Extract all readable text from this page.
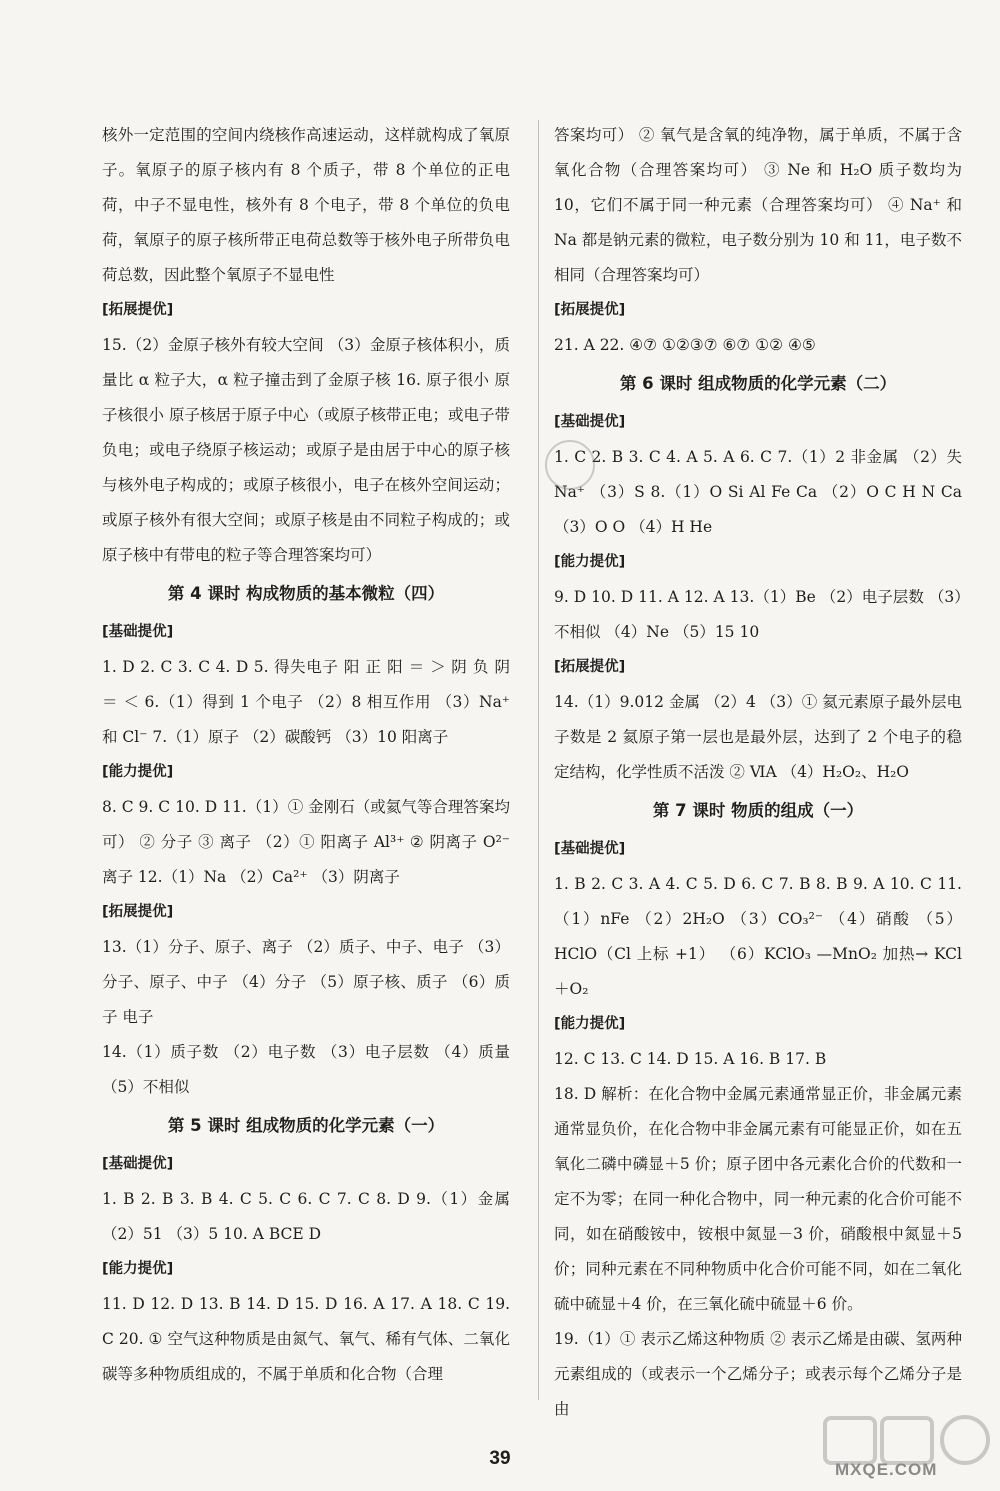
核外一定范围的空间内绕核作高速运动，这样就构成了氧原子。氧原子的原子核内有 8 个质子，带 8 个单位的正电荷，中子不显电性，核外有 8 个电子，带 8 个单位的负电荷，氧原子的原子核所带正电荷总数等于核外电子所带负电荷总数，因此整个氧原子不显电性
[拓展提优]
15.（2）金原子核外有较大空间 （3）金原子核体积小，质量比 α 粒子大，α 粒子撞击到了金原子核 16. 原子很小 原子核很小 原子核居于原子中心（或原子核带正电；或电子带负电；或电子绕原子核运动；或原子是由居于中心的原子核与核外电子构成的；或原子核很小，电子在核外空间运动；或原子核外有很大空间；或原子核是由不同粒子构成的；或原子核中有带电的粒子等合理答案均可）
第 4 课时 构成物质的基本微粒（四）
[基础提优]
1. D 2. C 3. C 4. D 5. 得失电子 阳 正 阳 ＝ ＞ 阴 负 阴 ＝ ＜ 6.（1）得到 1 个电子 （2）8 相互作用 （3）Na⁺ 和 Cl⁻ 7.（1）原子 （2）碳酸钙 （3）10 阳离子
[能力提优]
8. C 9. C 10. D 11.（1）① 金刚石（或氦气等合理答案均可） ② 分子 ③ 离子 （2）① 阳离子 Al³⁺ ② 阴离子 O²⁻ 离子 12.（1）Na （2）Ca²⁺ （3）阴离子
[拓展提优]
13.（1）分子、原子、离子 （2）质子、中子、电子 （3）分子、原子、中子 （4）分子 （5）原子核、质子 （6）质子 电子
14.（1）质子数 （2）电子数 （3）电子层数 （4）质量 （5）不相似
第 5 课时 组成物质的化学元素（一）
[基础提优]
1. B 2. B 3. B 4. C 5. C 6. C 7. C 8. D 9.（1）金属 （2）51 （3）5 10. A BCE D
[能力提优]
11. D 12. D 13. B 14. D 15. D 16. A 17. A 18. C 19. C 20. ① 空气这种物质是由氮气、氧气、稀有气体、二氧化碳等多种物质组成的，不属于单质和化合物（合理
答案均可） ② 氧气是含氧的纯净物，属于单质，不属于含氧化合物（合理答案均可） ③ Ne 和 H₂O 质子数均为 10，它们不属于同一种元素（合理答案均可） ④ Na⁺ 和 Na 都是钠元素的微粒，电子数分别为 10 和 11，电子数不相同（合理答案均可）
[拓展提优]
21. A 22. ④⑦ ①②③⑦ ⑥⑦ ①② ④⑤
第 6 课时 组成物质的化学元素（二）
[基础提优]
1. C 2. B 3. C 4. A 5. A 6. C 7.（1）2 非金属 （2）失 Na⁺ （3）S 8.（1）O Si Al Fe Ca （2）O C H N Ca （3）O O （4）H He
[能力提优]
9. D 10. D 11. A 12. A 13.（1）Be （2）电子层数 （3）不相似 （4）Ne （5）15 10
[拓展提优]
14.（1）9.012 金属 （2）4 （3）① 氦元素原子最外层电子数是 2 氦原子第一层也是最外层，达到了 2 个电子的稳定结构，化学性质不活泼 ② ⅥA （4）H₂O₂、H₂O
第 7 课时 物质的组成（一）
[基础提优]
1. B 2. C 3. A 4. C 5. D 6. C 7. B 8. B 9. A 10. C 11.（1）nFe （2）2H₂O （3）CO₃²⁻ （4）硝酸 （5）HClO（Cl 上标 +1） （6）KClO₃ —MnO₂ 加热→ KCl＋O₂
[能力提优]
12. C 13. C 14. D 15. A 16. B 17. B
18. D 解析：在化合物中金属元素通常显正价，非金属元素通常显负价，在化合物中非金属元素有可能显正价，如在五氧化二磷中磷显＋5 价；原子团中各元素化合价的代数和一定不为零；在同一种化合物中，同一种元素的化合价可能不同，如在硝酸铵中，铵根中氮显－3 价，硝酸根中氮显＋5 价；同种元素在不同种物质中化合价可能不同，如在二氧化硫中硫显＋4 价，在三氧化硫中硫显＋6 价。
19.（1）① 表示乙烯这种物质 ② 表示乙烯是由碳、氢两种元素组成的（或表示一个乙烯分子；或表示每个乙烯分子是由
39
MXQE.COM
